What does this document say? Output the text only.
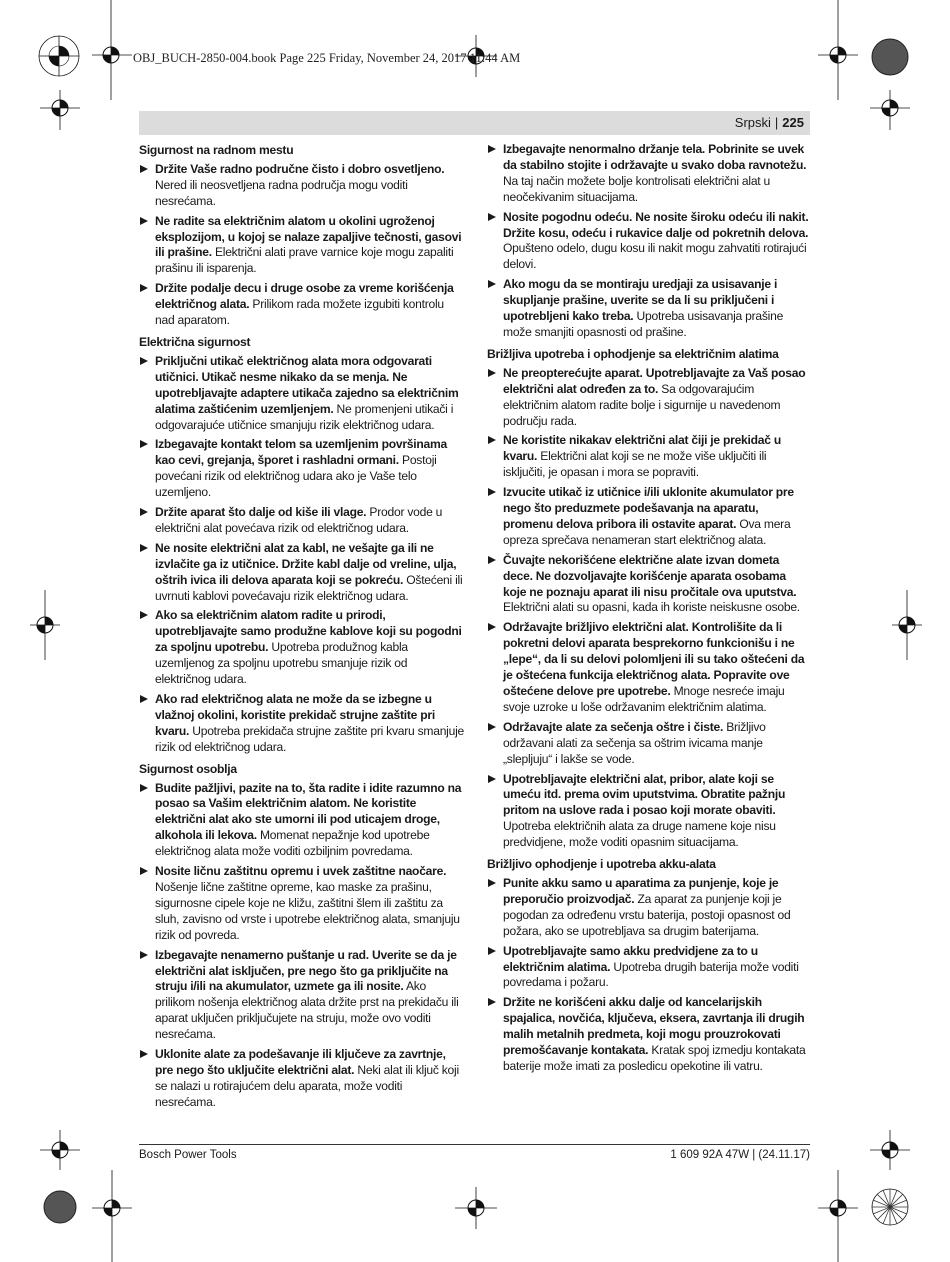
OBJ_BUCH-2850-004.book Page 225 Friday, November 24, 2017 11:44 AM
Srpski | 225
Sigurnost na radnom mestu
Držite Vaše radno područne čisto i dobro osvetljeno. Nered ili neosvetljena radna područja mogu voditi nesrećama.
Ne radite sa električnim alatom u okolini ugroženoj eksplozijom, u kojoj se nalaze zapaljive tečnosti, gasovi ili prašine. Električni alati prave varnice koje mogu zapaliti prašinu ili isparenja.
Držite podalje decu i druge osobe za vreme korišćenja električnog alata. Prilikom rada možete izgubiti kontrolu nad aparatom.
Električna sigurnost
Priključni utikač električnog alata mora odgovarati utičnici. Utikač nesme nikako da se menja. Ne upotrebljavajte adaptere utikača zajedno sa električnim alatima zaštićenim uzemljenjem. Ne promenjeni utikači i odgovarajuće utičnice smanjuju rizik električnog udara.
Izbegavajte kontakt telom sa uzemljenim površinama kao cevi, grejanja, šporet i rashladni ormani. Postoji povećani rizik od električnog udara ako je Vaše telo uzemljeno.
Držite aparat što dalje od kiše ili vlage. Prodor vode u električni alat povećava rizik od električnog udara.
Ne nosite električni alat za kabl, ne vešajte ga ili ne izvlačite ga iz utičnice. Držite kabl dalje od vreline, ulja, oštrih ivica ili delova aparata koji se pokreću. Oštećeni ili uvrnuti kablovi povećavaju rizik električnog udara.
Ako sa električnim alatom radite u prirodi, upotrebljavajte samo produžne kablove koji su pogodni za spoljnu upotrebu. Upotreba produžnog kabla uzemljenog za spoljnu upotrebu smanjuje rizik od električnog udara.
Ako rad električnog alata ne može da se izbegne u vlažnoj okolini, koristite prekidač strujne zaštite pri kvaru. Upotreba prekidača strujne zaštite pri kvaru smanjuje rizik od električnog udara.
Sigurnost osoblja
Budite pažljivi, pazite na to, šta radite i idite razumno na posao sa Vašim električnim alatom. Ne koristite električni alat ako ste umorni ili pod uticajem droge, alkohola ili lekova. Momenat nepažnje kod upotrebe električnog alata može voditi ozbiljnim povredama.
Nosite ličnu zaštitnu opremu i uvek zaštitne naočare. Nošenje lične zaštitne opreme, kao maske za prašinu, sigurnosne cipele koje ne kližu, zaštitni šlem ili zaštitu za sluh, zavisno od vrste i upotrebe električnog alata, smanjuju rizik od povreda.
Izbegavajte nenamerno puštanje u rad. Uverite se da je električni alat isključen, pre nego što ga priključite na struju i/ili na akumulator, uzmete ga ili nosite. Ako prilikom nošenja električnog alata držite prst na prekidaču ili aparat uključen priključujete na struju, može ovo voditi nesrećama.
Uklonite alate za podešavanje ili ključeve za zavrtnje, pre nego što uključite električni alat. Neki alat ili ključ koji se nalazi u rotirajućem delu aparata, može voditi nesrećama.
Izbegavajte nenormalno držanje tela. Pobrinite se uvek da stabilno stojite i održavajte u svako doba ravnotežu. Na taj način možete bolje kontrolisati električni alat u neočekivanim situacijama.
Nosite pogodnu odeću. Ne nosite široku odeću ili nakit. Držite kosu, odeću i rukavice dalje od pokretnih delova. Opušteno odelo, dugu kosu ili nakit mogu zahvatiti rotirajući delovi.
Ako mogu da se montiraju uredjaji za usisavanje i skupljanje prašine, uverite se da li su priključeni i upotrebljeni kako treba. Upotreba usisavanja prašine može smanjiti opasnosti od prašine.
Brižljiva upotreba i ophodjenje sa električnim alatima
Ne preopterećujte aparat. Upotrebljavajte za Vaš posao električni alat određen za to. Sa odgovarajućim električnim alatom radite bolje i sigurnije u navedenom području rada.
Ne koristite nikakav električni alat čiji je prekidač u kvaru. Električni alat koji se ne može više uključiti ili isključiti, je opasan i mora se popraviti.
Izvucite utikač iz utičnice i/ili uklonite akumulator pre nego što preduzmete podešavanja na aparatu, promenu delova pribora ili ostavite aparat. Ova mera opreza sprečava nenameran start električnog alata.
Čuvajte nekorišćene električne alate izvan dometa dece. Ne dozvoljavajte korišćenje aparata osobama koje ne poznaju aparat ili nisu pročitale ova uputstva. Električni alati su opasni, kada ih koriste neiskusne osobe.
Održavajte brižljivo električni alat. Kontrolišite da li pokretni delovi aparata besprekorno funkcionišu i ne „lepe“, da li su delovi polomljeni ili su tako oštećeni da je oštećena funkcija električnog alata. Popravite ove oštećene delove pre upotrebe. Mnoge nesreće imaju svoje uzroke u loše održavanim električnim alatima.
Održavajte alate za sečenja oštre i čiste. Brižljivo održavani alati za sečenja sa oštrim ivicama manje „slepljuju“ i lakše se vode.
Upotrebljavajte električni alat, pribor, alate koji se umeću itd. prema ovim uputstvima. Obratite pažnju pritom na uslove rada i posao koji morate obaviti. Upotreba električnih alata za druge namene koje nisu predvidjene, može voditi opasnim situacijama.
Brižljivo ophodjenje i upotreba akku-alata
Punite akku samo u aparatima za punjenje, koje je preporučio proizvodjač. Za aparat za punjenje koji je pogodan za određenu vrstu baterija, postoji opasnost od požara, ako se upotrebljava sa drugim baterijama.
Upotrebljavajte samo akku predvidjene za to u električnim alatima. Upotreba drugih baterija može voditi povredama i požaru.
Držite ne korišćeni akku dalje od kancelarijskih spajalica, novčića, ključeva, eksera, zavrtanja ili drugih malih metalnih predmeta, koji mogu prouzrokovati premošćavanje kontakata. Kratak spoj izmedju kontakata baterije može imati za posledicu opekotine ili vatru.
Bosch Power Tools	1 609 92A 47W | (24.11.17)
